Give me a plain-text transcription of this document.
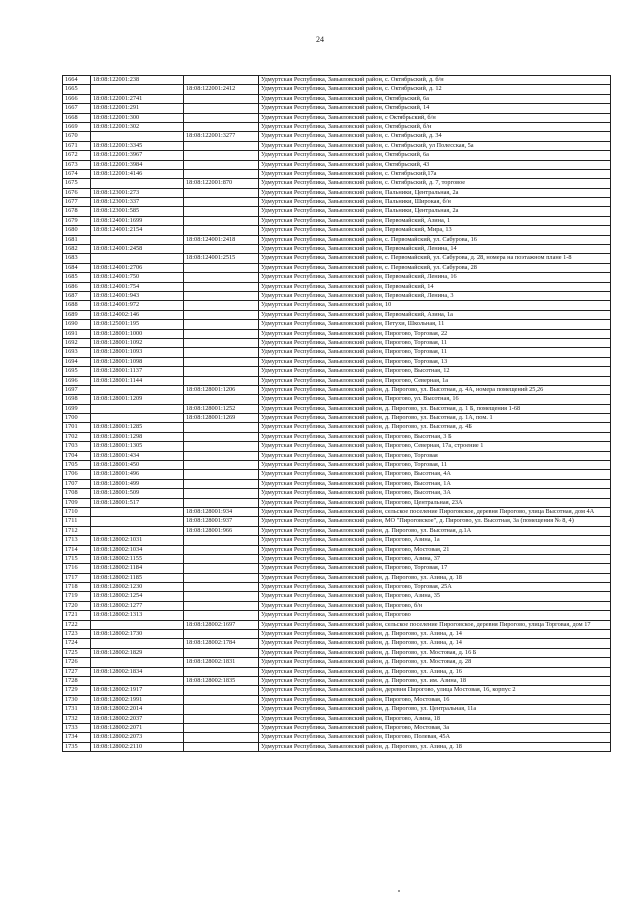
24
1664	18:08:122001:238		Удмуртская Республика, Завьяловский район, с. Октябрьский, д. б/н
1665		18:08:122001:2412	Удмуртская Республика, Завьяловский район, с. Октябрьский, д. 12
1666	18:08:122001:2741		Удмуртская Республика, Завьяловский район, Октябрьский, 6а
1667	18:08:122001:291		Удмуртская Республика, Завьяловский район, Октябрьский, 14
1668	18:08:122001:300		Удмуртская Республика, Завьяловский район, с Октябрьский, б/н
1669	18:08:122001:302		Удмуртская Республика, Завьяловский район, Октябрьский, б/н
1670		18:08:122001:3277	Удмуртская Республика, Завьяловский район, с. Октябрьский, д. 34
1671	18:08:122001:3345		Удмуртская Республика, Завьяловский район, с. Октябрьский, ул Полесская, 5а
1672	18:08:122001:3967		Удмуртская Республика, Завьяловский район, Октябрьский, 6а
1673	18:08:122001:3984		Удмуртская Республика, Завьяловский район, Октябрьский, 43
1674	18:08:122001:4146		Удмуртская Республика, Завьяловский район, с. Октябрьский,17а
1675		18:08:122001:870	Удмуртская Республика, Завьяловский район, с. Октябрьский, д. 7, торговое
1676	18:08:123001:273		Удмуртская Республика, Завьяловский район, Пальники, Центральная, 2а
1677	18:08:123001:337		Удмуртская Республика, Завьяловский район, Пальники, Широкая, б/н
1678	18:08:123001:585		Удмуртская Республика, Завьяловский район, Пальники, Центральная, 2а
1679	18:08:124001:1699		Удмуртская Республика, Завьяловский район, Первомайский, Азина, 1
1680	18:08:124001:2154		Удмуртская Республика, Завьяловский район, Первомайский, Мира, 13
1681		18:08:124001:2418	Удмуртская Республика, Завьяловский район, с. Первомайский, ул. Сабурова, 16
1682	18:08:124001:2458		Удмуртская Республика, Завьяловский район, Первомайский, Ленина, 14
1683		18:08:124001:2515	Удмуртская Республика, Завьяловский район, с. Первомайский, ул. Сабурова, д. 28, номера на поэтажном плане 1-8
1684	18:08:124001:2706		Удмуртская Республика, Завьяловский район, с. Первомайский, ул. Сабурова, 28
1685	18:08:124001:750		Удмуртская Республика, Завьяловский район, Первомайский, Ленина, 16
1686	18:08:124001:754		Удмуртская Республика, Завьяловский район, Первомайский, 14
1687	18:08:124001:943		Удмуртская Республика, Завьяловский район, Первомайский, Ленина, 3
1688	18:08:124001:972		Удмуртская Республика, Завьяловский район, 10
1689	18:08:124002:146		Удмуртская Республика, Завьяловский район, Первомайский, Азина, 1а
1690	18:08:125001:195		Удмуртская Республика, Завьяловский район, Петухи, Школьная, 11
1691	18:08:128001:1000		Удмуртская Республика, Завьяловский район, Пирогово, Торговая, 22
1692	18:08:128001:1092		Удмуртская Республика, Завьяловский район, Пирогово, Торговая, 11
1693	18:08:128001:1093		Удмуртская Республика, Завьяловский район, Пирогово, Торговая, 11
1694	18:08:128001:1098		Удмуртская Республика, Завьяловский район, Пирогово, Торговая, 13
1695	18:08:128001:1137		Удмуртская Республика, Завьяловский район, Пирогово, Высотная, 12
1696	18:08:128001:1144		Удмуртская Республика, Завьяловский район, Пирогово, Северная, 1а
1697		18:08:128001:1206	Удмуртская Республика, Завьяловский район, д. Пирогово, ул. Высотная, д. 4А, номера помещений 25,26
1698	18:08:128001:1209		Удмуртская Республика, Завьяловский район, Пирогово, ул. Высотная, 16
1699		18:08:128001:1252	Удмуртская Республика, Завьяловский район, д. Пирогово, ул. Высотная, д. 1 Б, помещения 1-68
1700		18:08:128001:1269	Удмуртская Республика, Завьяловский район, д. Пирогово, ул. Высотная, д. 1А, пом. 1
1701	18:08:128001:1285		Удмуртская Республика, Завьяловский район, д. Пирогово, ул. Высотная, д. 4Б
1702	18:08:128001:1298		Удмуртская Республика, Завьяловский район, Пирогово, Высотная, 3 Б
1703	18:08:128001:1305		Удмуртская Республика, Завьяловский район, Пирогово, Северная, 17а, строение 1
1704	18:08:128001:434		Удмуртская Республика, Завьяловский район, Пирогово, Торговая
1705	18:08:128001:450		Удмуртская Республика, Завьяловский район, Пирогово, Торговая, 11
1706	18:08:128001:496		Удмуртская Республика, Завьяловский район, Пирогово, Высотная, 4А
1707	18:08:128001:499		Удмуртская Республика, Завьяловский район, Пирогово, Высотная, 1А
1708	18:08:128001:509		Удмуртская Республика, Завьяловский район, Пирогово, Высотная, 3А
1709	18:08:128001:517		Удмуртская Республика, Завьяловский район, Пирогово, Центральная, 23А
1710		18:08:128001:934	Удмуртская Республика, Завьяловский район, сельское поселение Пироговское, деревня Пирогово, улица Высотная, дом 4А
1711		18:08:128001:937	Удмуртская Республика, Завьяловский район, МО "Пироговское", д. Пирогово, ул. Высотная, 3а (помещения № 8, 4)
1712		18:08:128001:966	Удмуртская Республика, Завьяловский район, д. Пирогово, ул. Высотная, д.1А
1713	18:08:128002:1031		Удмуртская Республика, Завьяловский район, Пирогово, Азина, 1а
1714	18:08:128002:1034		Удмуртская Республика, Завьяловский район, Пирогово, Мостовая, 21
1715	18:08:128002:1155		Удмуртская Республика, Завьяловский район, Пирогово, Азина, 37
1716	18:08:128002:1184		Удмуртская Республика, Завьяловский район, Пирогово, Торговая, 17
1717	18:08:128002:1185		Удмуртская Республика, Завьяловский район, д. Пирогово, ул. Азина, д. 18
1718	18:08:128002:1230		Удмуртская Республика, Завьяловский район, Пирогово, Торговая, 25А
1719	18:08:128002:1254		Удмуртская Республика, Завьяловский район, Пирогово, Азина, 35
1720	18:08:128002:1277		Удмуртская Республика, Завьяловский район, Пирогово, б/н
1721	18:08:128002:1313		Удмуртская Республика, Завьяловский район, Пирогово
1722		18:08:128002:1697	Удмуртская Республика, Завьяловский район, сельское поселение Пироговское, деревня Пирогово, улица Торговая, дом 17
1723	18:08:128002:1730		Удмуртская Республика, Завьяловский район, д. Пирогово, ул. Азина, д. 14
1724		18:08:128002:1784	Удмуртская Республика, Завьяловский район, д. Пирогово, ул. Азина, д. 14
1725	18:08:128002:1829		Удмуртская Республика, Завьяловский район, д. Пирогово, ул. Мостовая, д. 16 Б
1726		18:08:128002:1831	Удмуртская Республика, Завьяловский район, д. Пирогово, ул. Мостовая, д. 28
1727	18:08:128002:1834		Удмуртская Республика, Завьяловский район, д. Пирогово, ул. Азина, д. 16
1728		18:08:128002:1835	Удмуртская Республика, Завьяловский район, д. Пирогово, ул. им. Азина, 18
1729	18:08:128002:1917		Удмуртская Республика, Завьяловский район, деревня Пирогово, улица Мостовая, 16, корпус 2
1730	18:08:128002:1991		Удмуртская Республика, Завьяловский район, Пирогово, Мостовая, 16
1731	18:08:128002:2014		Удмуртская Республика, Завьяловский район, д. Пирогово, ул. Центральная, 11а
1732	18:08:128002:2037		Удмуртская Республика, Завьяловский район, Пирогово, Азина, 18
1733	18:08:128002:2071		Удмуртская Республика, Завьяловский район, Пирогово, Мостовая, 3а
1734	18:08:128002:2073		Удмуртская Республика, Завьяловский район, Пирогово, Полевая, 45А
1735	18:08:128002:2110		Удмуртская Республика, Завьяловский район, д. Пирогово, ул. Азина, д. 18
